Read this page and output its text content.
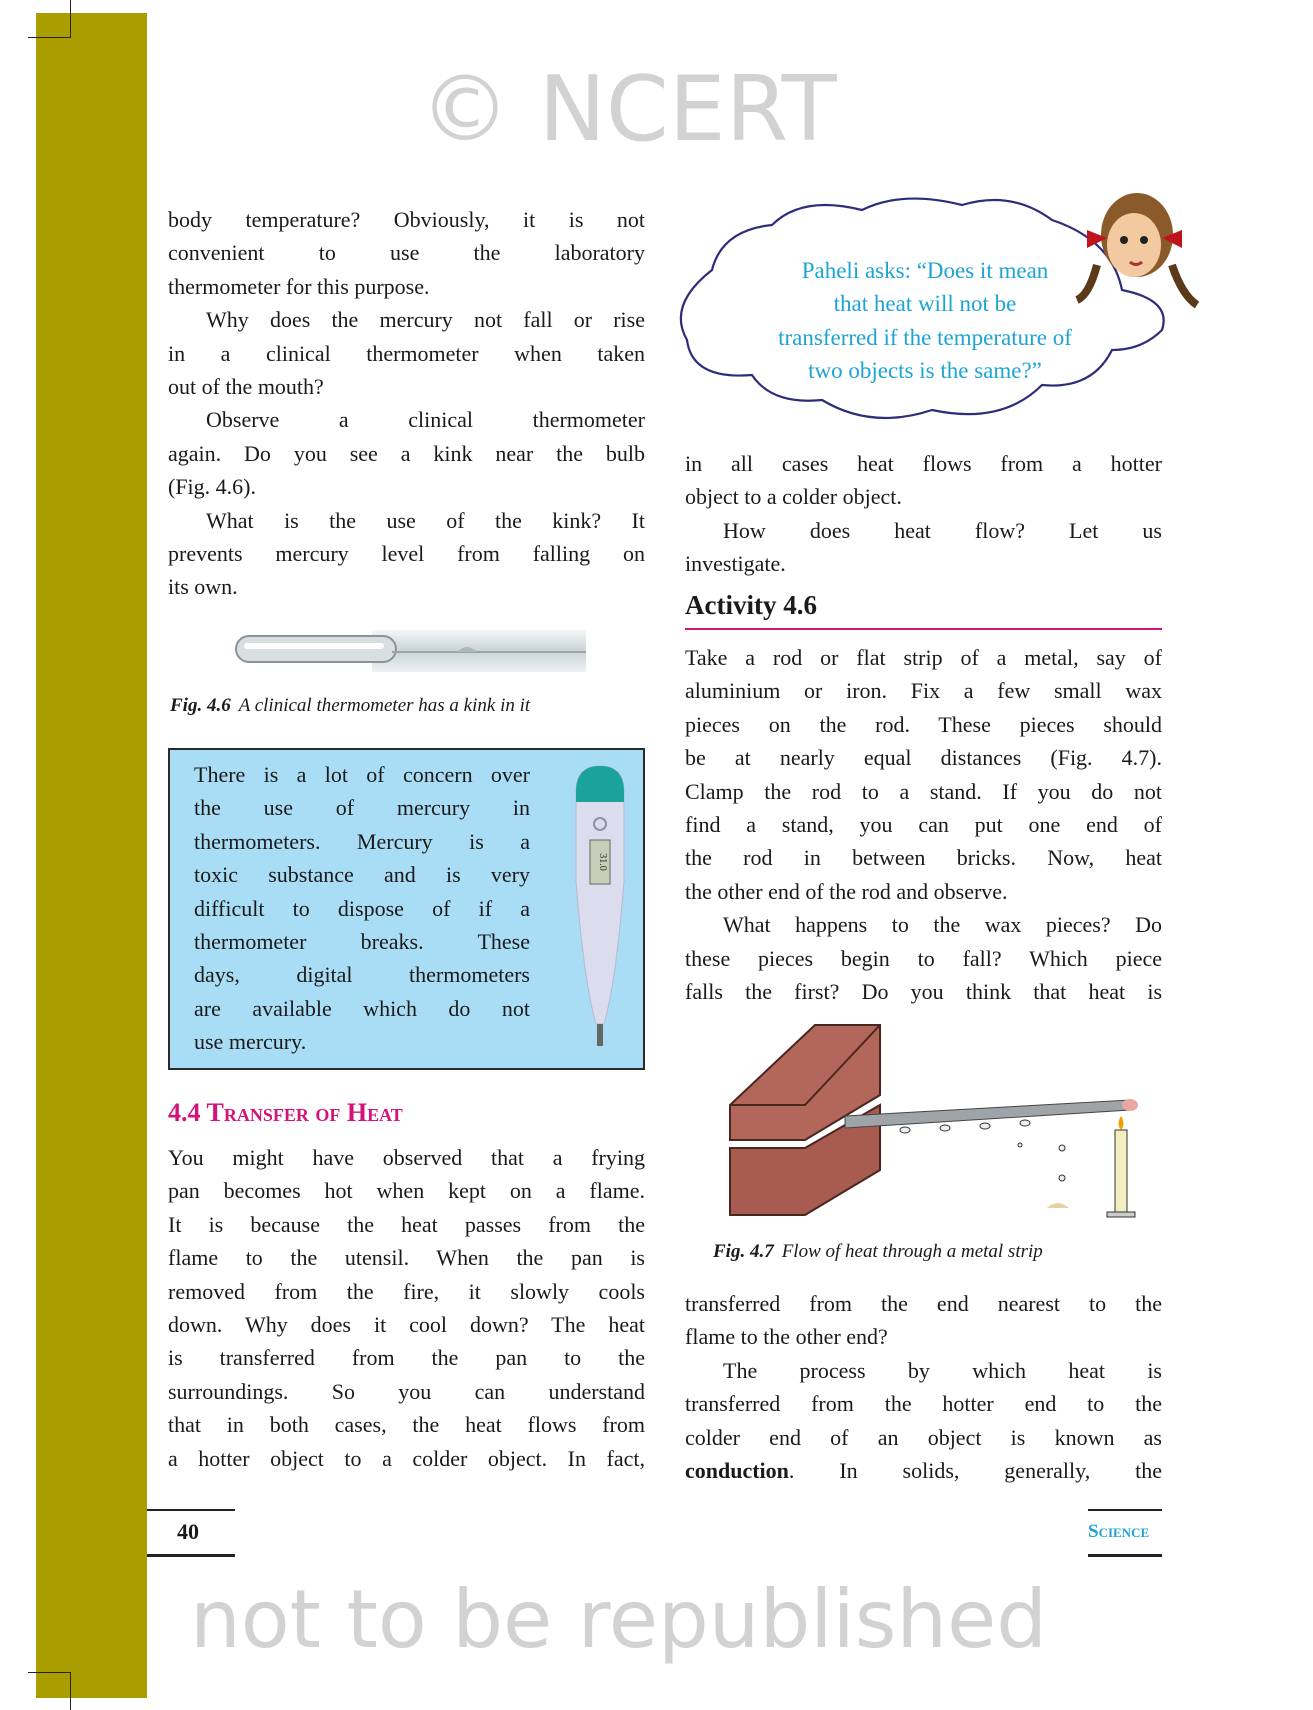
© NCERT
not to be republished
body temperature? Obviously, it is not
convenient to use the laboratory
thermometer for this purpose.
Why does the mercury not fall or rise
in a clinical thermometer when taken
out of the mouth?
Observe a clinical thermometer
again. Do you see a kink near the bulb
(Fig. 4.6).
What is the use of the kink? It
prevents mercury level from falling on
its own.
Fig. 4.6 A clinical thermometer has a kink in it
There is a lot of concern over
the use of mercury in
thermometers. Mercury is a
toxic substance and is very
difficult to dispose of if a
thermometer breaks. These
days, digital thermometers
are available which do not
use mercury.
31.0
4.4 Transfer of Heat
You might have observed that a frying
pan becomes hot when kept on a flame.
It is because the heat passes from the
flame to the utensil. When the pan is
removed from the fire, it slowly cools
down. Why does it cool down? The heat
is transferred from the pan to the
surroundings. So you can understand
that in both cases, the heat flows from
a hotter object to a colder object. In fact,
Paheli asks: “Does it mean
that heat will not be
transferred if the temperature of
two objects is the same?”
in all cases heat flows from a hotter
object to a colder object.
How does heat flow? Let us
investigate.
Activity 4.6
Take a rod or flat strip of a metal, say of
aluminium or iron. Fix a few small wax
pieces on the rod. These pieces should
be at nearly equal distances (Fig. 4.7).
Clamp the rod to a stand. If you do not
find a stand, you can put one end of
the rod in between bricks. Now, heat
the other end of the rod and observe.
What happens to the wax pieces? Do
these pieces begin to fall? Which piece
falls the first? Do you think that heat is
Fig. 4.7 Flow of heat through a metal strip
transferred from the end nearest to the
flame to the other end?
The process by which heat is
transferred from the hotter end to the
colder end of an object is known as
conduction. In solids, generally, the
40	Science
